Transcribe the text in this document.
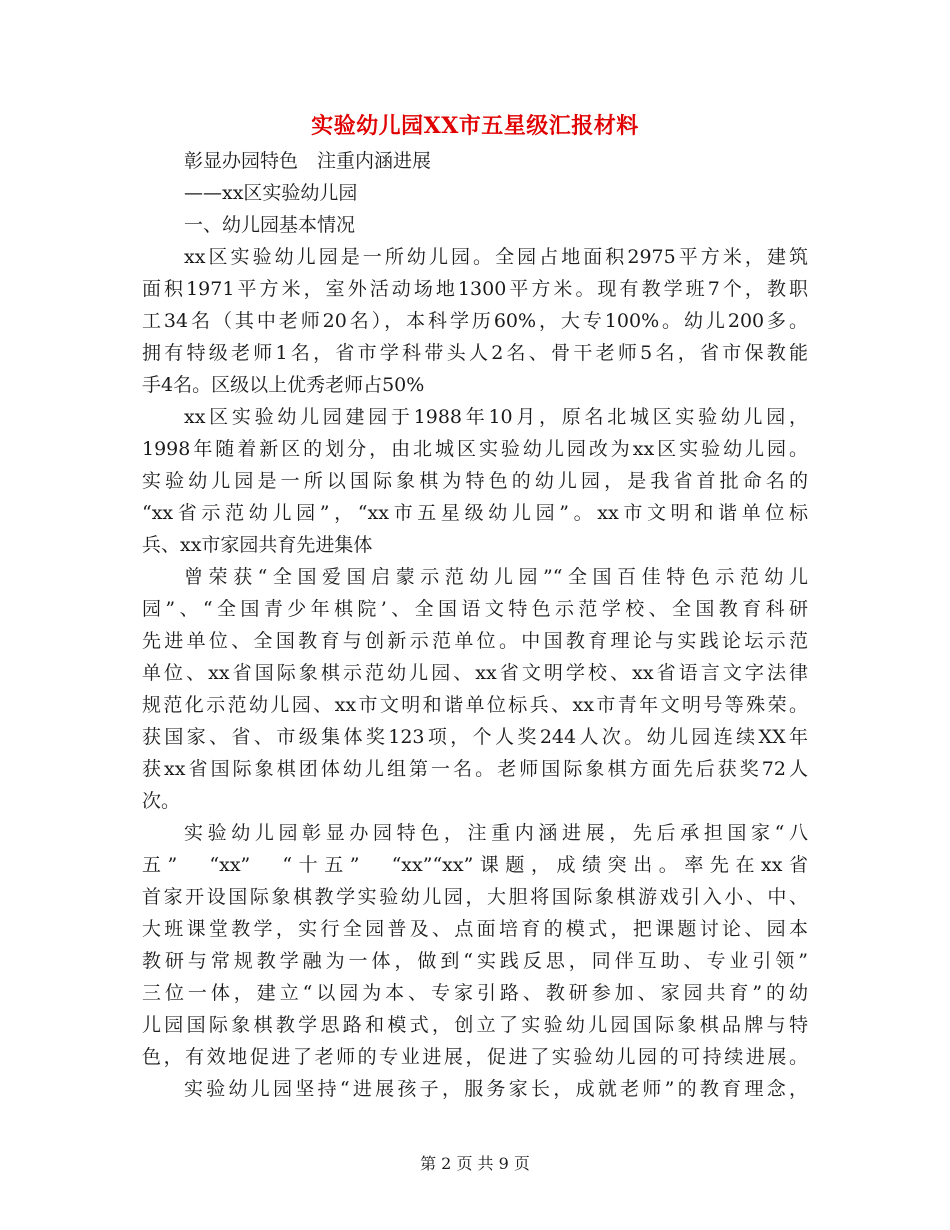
实验幼儿园XX市五星级汇报材料
彰显办园特色　注重内涵进展
——xx区实验幼儿园
一、幼儿园基本情况
xx区实验幼儿园是一所幼儿园。全园占地面积2975平方米，建筑
面积1971平方米，室外活动场地1300平方米。现有教学班7个，教职
工34名（其中老师20名），本科学历60%，大专100%。幼儿200多。
拥有特级老师1名，省市学科带头人2名、骨干老师5名，省市保教能
手4名。区级以上优秀老师占50%
xx区实验幼儿园建园于1988年10月，原名北城区实验幼儿园，
1998年随着新区的划分，由北城区实验幼儿园改为xx区实验幼儿园。
实验幼儿园是一所以国际象棋为特色的幼儿园，是我省首批命名的
“xx省示范幼儿园”，“xx市五星级幼儿园”。xx市文明和谐单位标
兵、xx市家园共育先进集体
曾荣获“全国爱国启蒙示范幼儿园”“全国百佳特色示范幼儿
园”、“全国青少年棋院’、全国语文特色示范学校、全国教育科研
先进单位、全国教育与创新示范单位。中国教育理论与实践论坛示范
单位、xx省国际象棋示范幼儿园、xx省文明学校、xx省语言文字法律
规范化示范幼儿园、xx市文明和谐单位标兵、xx市青年文明号等殊荣。
获国家、省、市级集体奖123项，个人奖244人次。幼儿园连续XX年
获xx省国际象棋团体幼儿组第一名。老师国际象棋方面先后获奖72人
次。
实验幼儿园彰显办园特色，注重内涵进展，先后承担国家“八
五”　“xx”　“十五”　“xx”“xx”课题，成绩突出。率先在xx省
首家开设国际象棋教学实验幼儿园，大胆将国际象棋游戏引入小、中、
大班课堂教学，实行全园普及、点面培育的模式，把课题讨论、园本
教研与常规教学融为一体，做到“实践反思，同伴互助、专业引领”
三位一体，建立“以园为本、专家引路、教研参加、家园共育”的幼
儿园国际象棋教学思路和模式，创立了实验幼儿园国际象棋品牌与特
色，有效地促进了老师的专业进展，促进了实验幼儿园的可持续进展。
实验幼儿园坚持“进展孩子，服务家长，成就老师”的教育理念，
第 2 页 共 9 页
